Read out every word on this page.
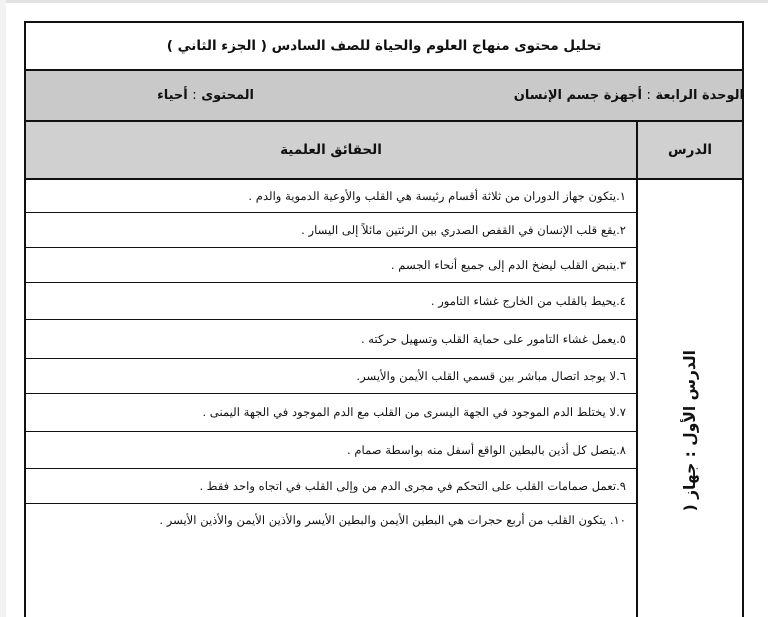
تحليل محتوى منهاج العلوم والحياة للصف السادس ( الجزء الثاني )
الوحدة الرابعة : أجهزة جسم الإنسان
المحتوى : أحياء
الحقائق العلمية	الدرس
١.يتكون جهاز الدوران من ثلاثة أقسام رئيسة هي القلب والأوعية الدموية والدم .
٢.يقع قلب الإنسان في القفص الصدري بين الرئتين مائلاً إلى اليسار .
٣.ينبض القلب ليضخ الدم إلى جميع أنحاء الجسم .
٤.يحيط بالقلب من الخارج غشاء التامور .
٥.يعمل غشاء التامور على حماية القلب وتسهيل حركته .
٦.لا يوجد اتصال مباشر بين قسمي القلب الأيمن والأيسر.
٧.لا يختلط الدم الموجود في الجهة اليسرى من القلب مع الدم الموجود في الجهة اليمنى .
٨.يتصل كل أذين بالبطين الواقع أسفل منه بواسطة صمام .
٩.تعمل صمامات القلب على التحكم في مجرى الدم من وإلى القلب في اتجاه واحد فقط .
١٠. يتكون القلب من أربع حجرات هي البطين الأيمن والبطين الأيسر والأذين الأيمن والأذين الأيسر .
الدرس الأول : جهاز (
